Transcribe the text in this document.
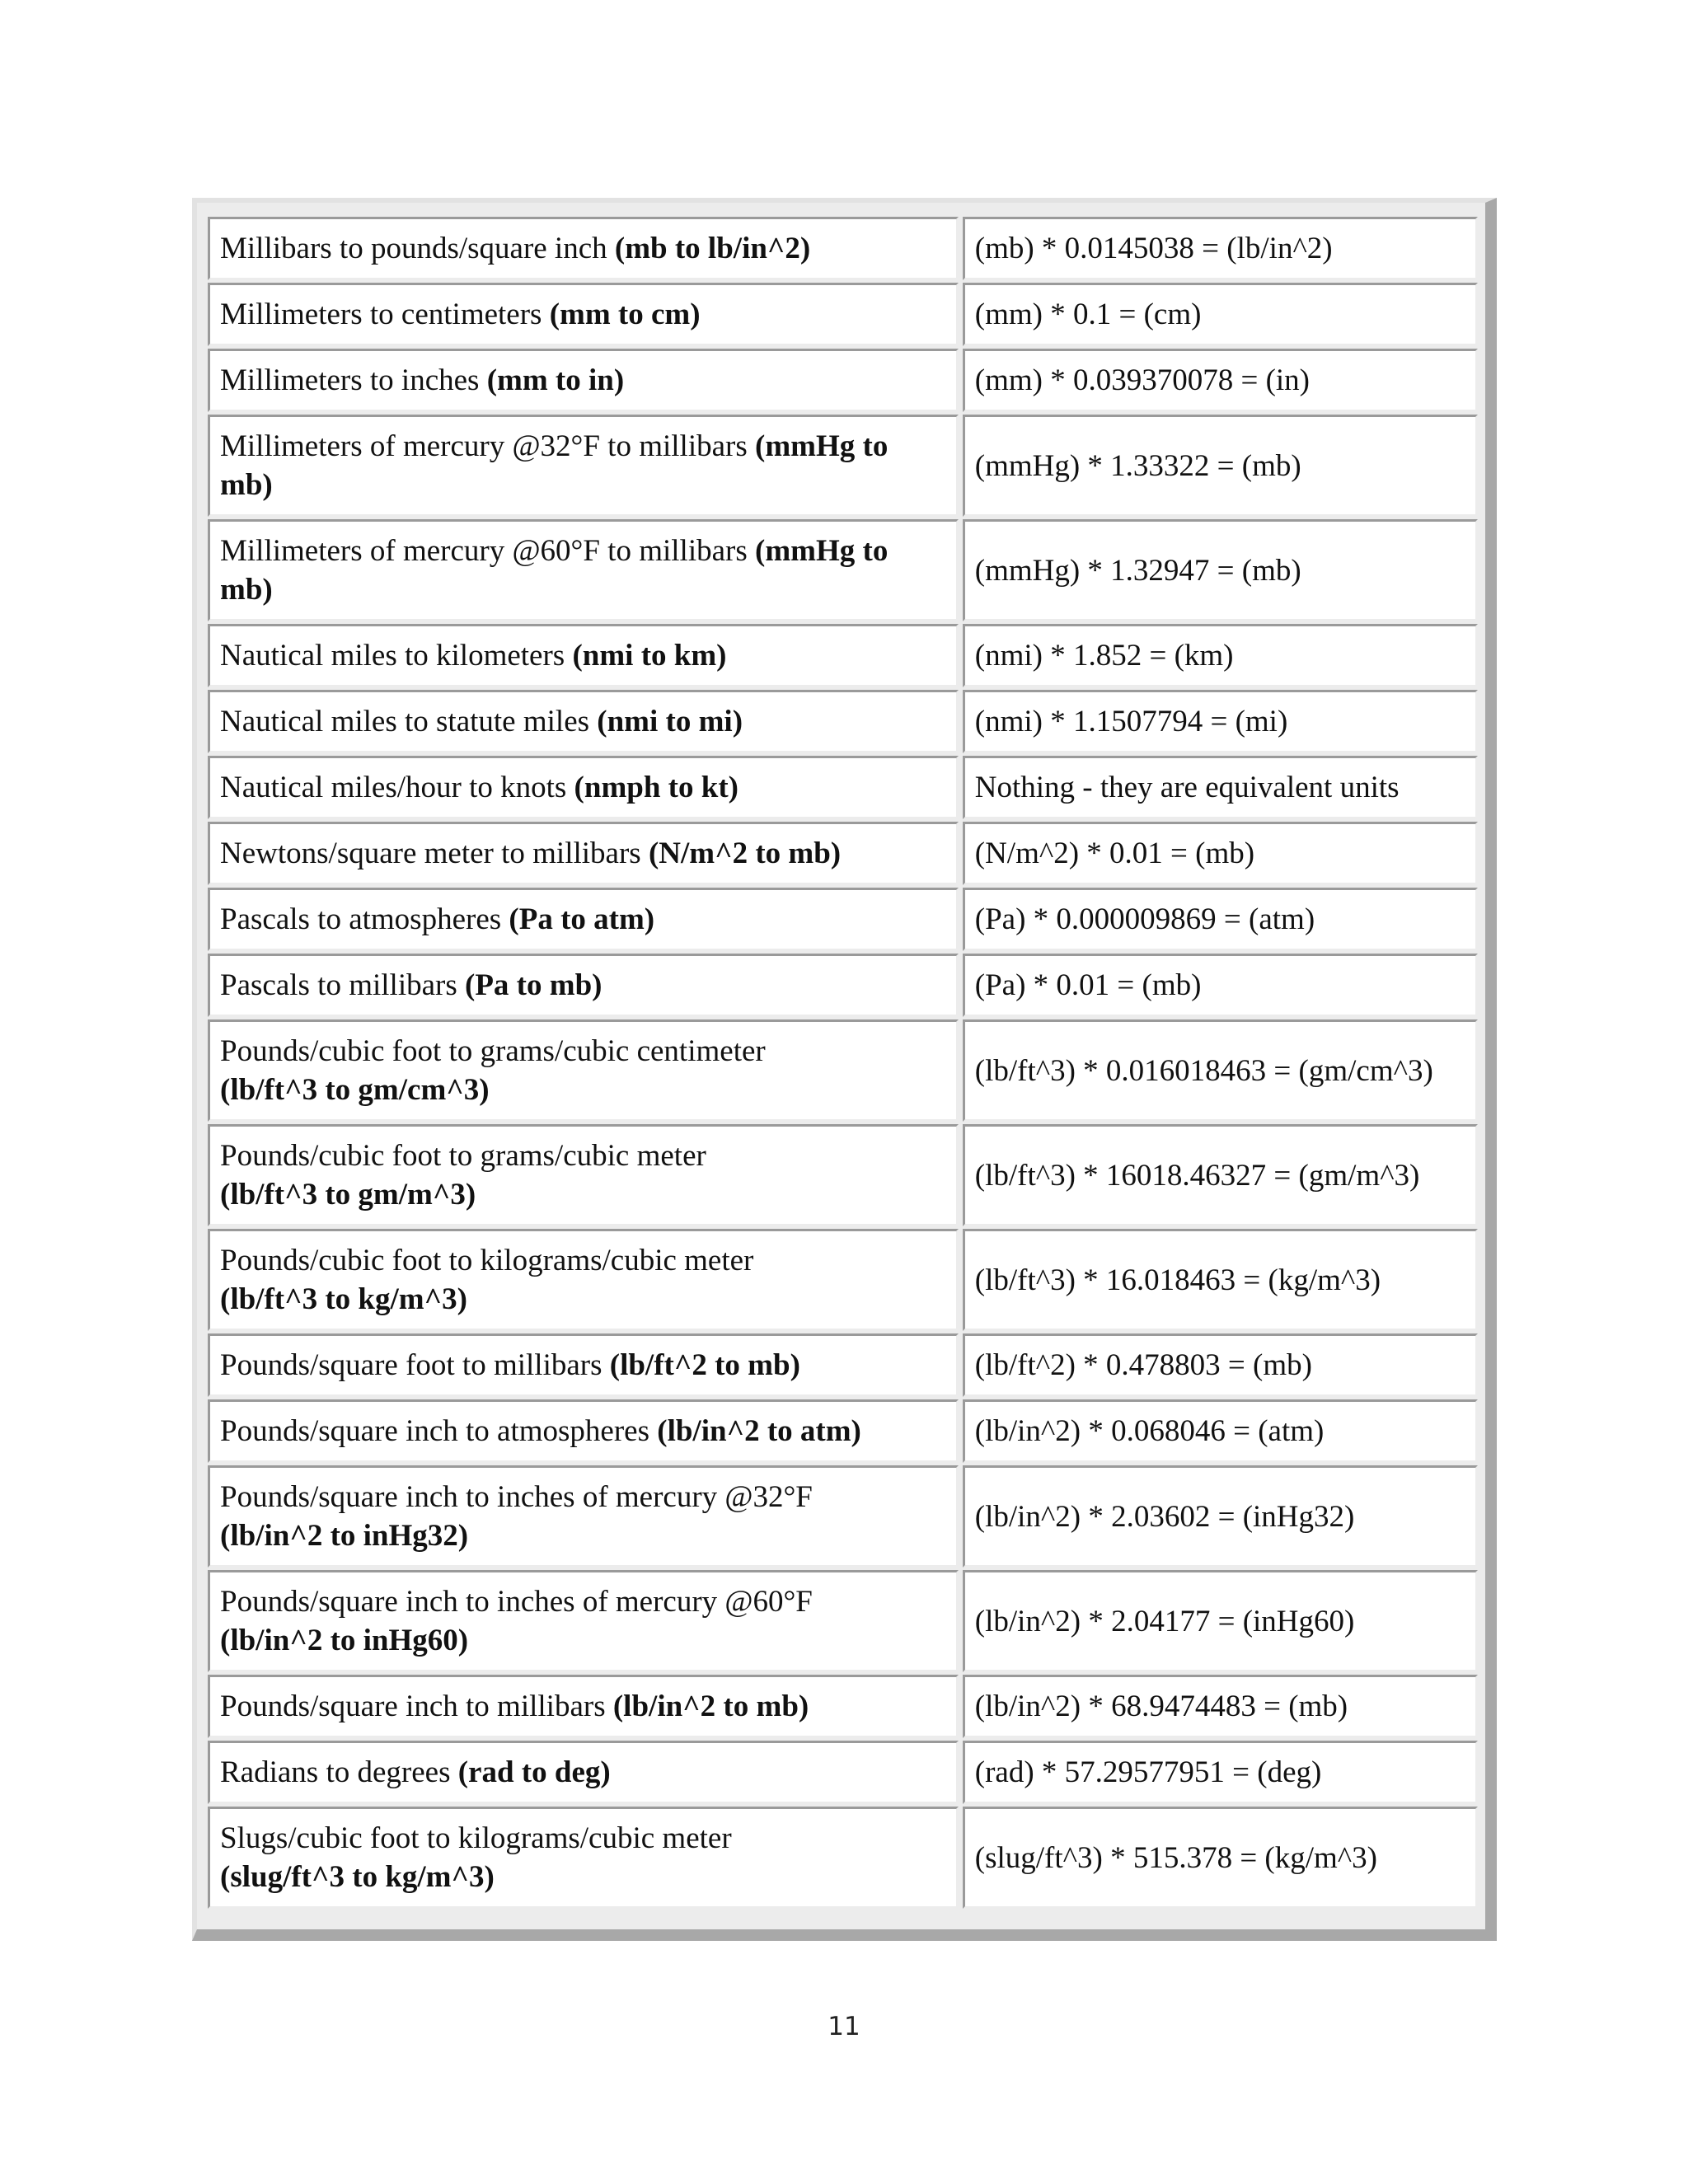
Millibars to pounds/square inch (mb to lb/in^2)	(mb) * 0.0145038 = (lb/in^2)
Millimeters to centimeters (mm to cm)	(mm) * 0.1 = (cm)
Millimeters to inches (mm to in)	(mm) * 0.039370078 = (in)
Millimeters of mercury @32°F to millibars (mmHg to mb)	(mmHg) * 1.33322 = (mb)
Millimeters of mercury @60°F to millibars (mmHg to mb)	(mmHg) * 1.32947 = (mb)
Nautical miles to kilometers (nmi to km)	(nmi) * 1.852 = (km)
Nautical miles to statute miles (nmi to mi)	(nmi) * 1.1507794 = (mi)
Nautical miles/hour to knots (nmph to kt)	Nothing - they are equivalent units
Newtons/square meter to millibars (N/m^2 to mb)	(N/m^2) * 0.01 = (mb)
Pascals to atmospheres (Pa to atm)	(Pa) * 0.000009869 = (atm)
Pascals to millibars (Pa to mb)	(Pa) * 0.01 = (mb)
Pounds/cubic foot to grams/cubic centimeter
(lb/ft^3 to gm/cm^3)	(lb/ft^3) * 0.016018463 = (gm/cm^3)
Pounds/cubic foot to grams/cubic meter
(lb/ft^3 to gm/m^3)	(lb/ft^3) * 16018.46327 = (gm/m^3)
Pounds/cubic foot to kilograms/cubic meter
(lb/ft^3 to kg/m^3)	(lb/ft^3) * 16.018463 = (kg/m^3)
Pounds/square foot to millibars (lb/ft^2 to mb)	(lb/ft^2) * 0.478803 = (mb)
Pounds/square inch to atmospheres (lb/in^2 to atm)	(lb/in^2) * 0.068046 = (atm)
Pounds/square inch to inches of mercury @32°F
(lb/in^2 to inHg32)	(lb/in^2) * 2.03602 = (inHg32)
Pounds/square inch to inches of mercury @60°F
(lb/in^2 to inHg60)	(lb/in^2) * 2.04177 = (inHg60)
Pounds/square inch to millibars (lb/in^2 to mb)	(lb/in^2) * 68.9474483 = (mb)
Radians to degrees (rad to deg)	(rad) * 57.29577951 = (deg)
Slugs/cubic foot to kilograms/cubic meter
(slug/ft^3 to kg/m^3)	(slug/ft^3) * 515.378 = (kg/m^3)
11
